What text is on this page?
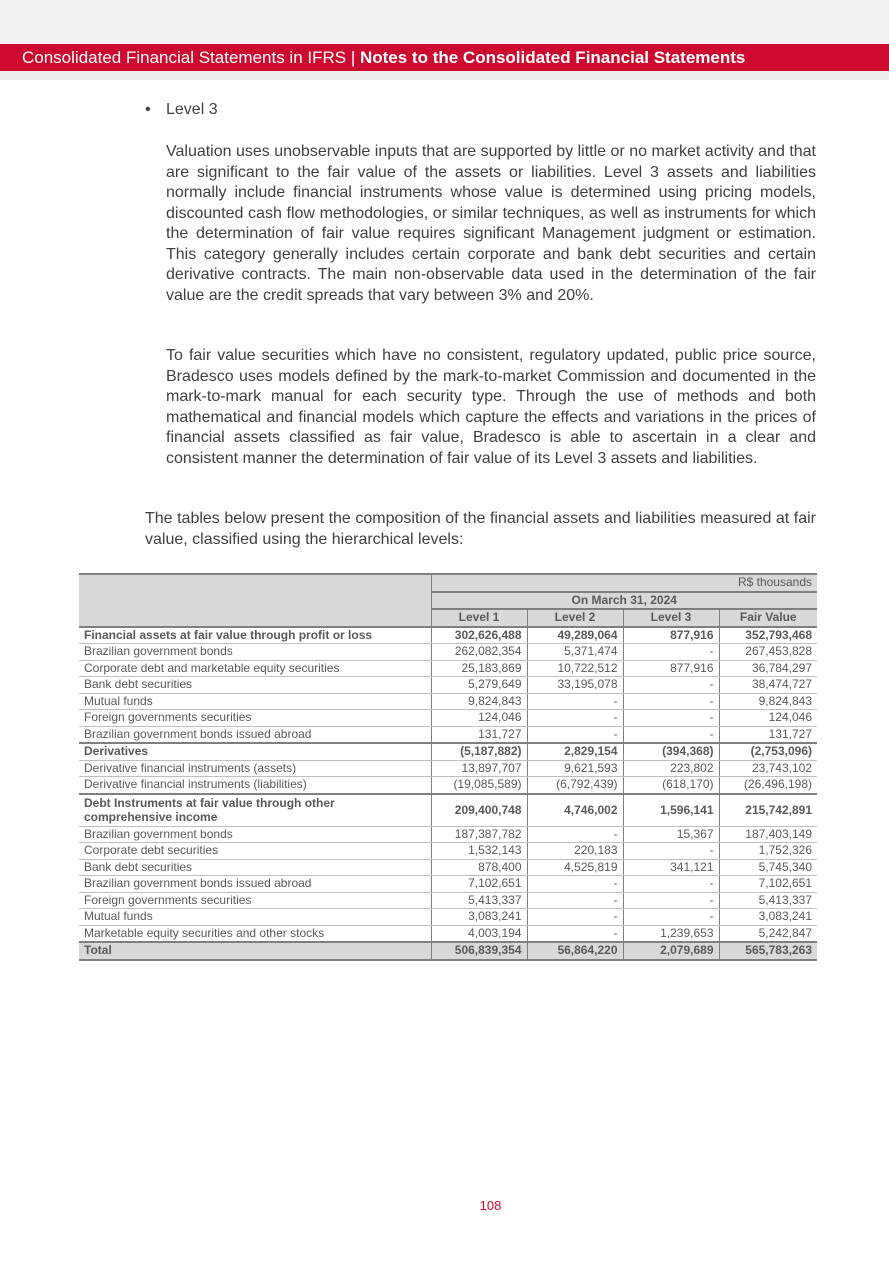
Consolidated Financial Statements in IFRS | Notes to the Consolidated Financial Statements
• Level 3
Valuation uses unobservable inputs that are supported by little or no market activity and that are significant to the fair value of the assets or liabilities. Level 3 assets and liabilities normally include financial instruments whose value is determined using pricing models, discounted cash flow methodologies, or similar techniques, as well as instruments for which the determination of fair value requires significant Management judgment or estimation. This category generally includes certain corporate and bank debt securities and certain derivative contracts. The main non-observable data used in the determination of the fair value are the credit spreads that vary between 3% and 20%.
To fair value securities which have no consistent, regulatory updated, public price source, Bradesco uses models defined by the mark-to-market Commission and documented in the mark-to-mark manual for each security type. Through the use of methods and both mathematical and financial models which capture the effects and variations in the prices of financial assets classified as fair value, Bradesco is able to ascertain in a clear and consistent manner the determination of fair value of its Level 3 assets and liabilities.
The tables below present the composition of the financial assets and liabilities measured at fair value, classified using the hierarchical levels:
	R$ thousands			
	On March 31, 2024			
	Level 1	Level 2	Level 3	Fair Value
Financial assets at fair value through profit or loss	302,626,488	49,289,064	877,916	352,793,468
Brazilian government bonds	262,082,354	5,371,474	-	267,453,828
Corporate debt and marketable equity securities	25,183,869	10,722,512	877,916	36,784,297
Bank debt securities	5,279,649	33,195,078	-	38,474,727
Mutual funds	9,824,843	-	-	9,824,843
Foreign governments securities	124,046	-	-	124,046
Brazilian government bonds issued abroad	131,727	-	-	131,727
Derivatives	(5,187,882)	2,829,154	(394,368)	(2,753,096)
Derivative financial instruments (assets)	13,897,707	9,621,593	223,802	23,743,102
Derivative financial instruments (liabilities)	(19,085,589)	(6,792,439)	(618,170)	(26,496,198)
Debt Instruments at fair value through other comprehensive income	209,400,748	4,746,002	1,596,141	215,742,891
Brazilian government bonds	187,387,782	-	15,367	187,403,149
Corporate debt securities	1,532,143	220,183	-	1,752,326
Bank debt securities	878,400	4,525,819	341,121	5,745,340
Brazilian government bonds issued abroad	7,102,651	-	-	7,102,651
Foreign governments securities	5,413,337	-	-	5,413,337
Mutual funds	3,083,241	-	-	3,083,241
Marketable equity securities and other stocks	4,003,194	-	1,239,653	5,242,847
Total	506,839,354	56,864,220	2,079,689	565,783,263
108
